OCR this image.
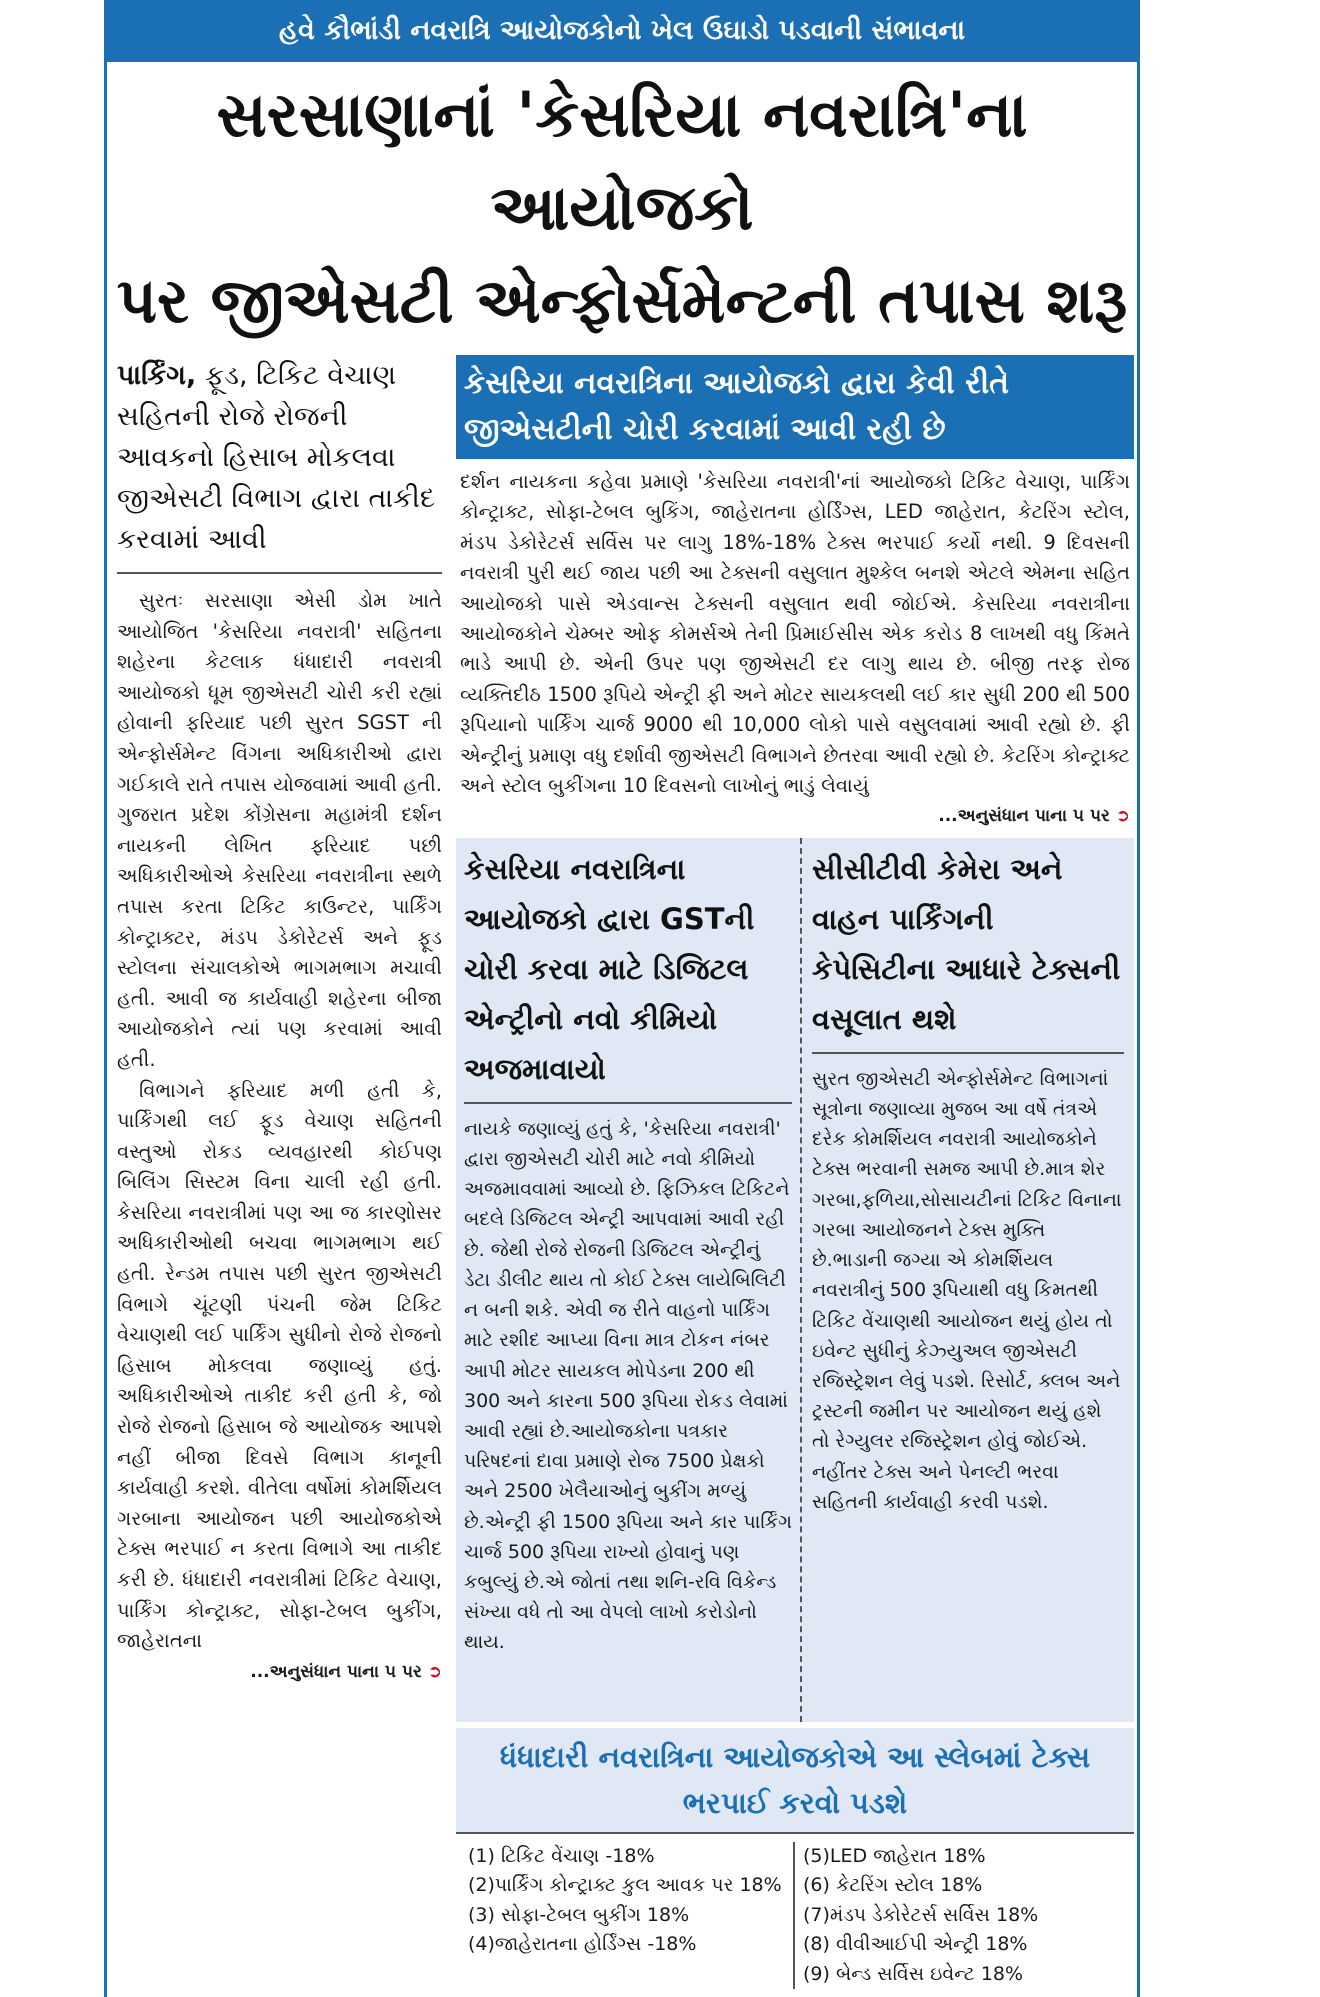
હવે કૌભાંડી નવરાત્રિ આયોજકોનો ખેલ ઉઘાડો પડવાની સંભાવના
સરસાણાનાં 'કેસરિયા નવરાત્રિ'ના આયોજકો
પર જીએસટી એન્ફોર્સમેન્ટની તપાસ શરૂ
પાર્કિંગ, ફૂડ, ટિકિટ વેચાણ સહિતની રોજે રોજની આવકનો હિસાબ મોકલવા જીએસટી વિભાગ દ્વારા તાકીદ કરવામાં આવી

સુરતઃ સરસાણા એસી ડોમ ખાતે આયોજિત 'કેસરિયા નવરાત્રી' સહિતના શહેરના કેટલાક ધંધાદારી નવરાત્રી આયોજકો ધૂમ જીએસટી ચોરી કરી રહ્યાં હોવાની ફરિયાદ પછી સુરત SGST ની એન્ફોર્સમેન્ટ વિંગના અધિકારીઓ દ્વારા ગઈકાલે રાતે તપાસ યોજવામાં આવી હતી. ગુજરાત પ્રદેશ કોંગ્રેસના મહામંત્રી દર્શન નાયકની લેખિત ફરિયાદ પછી અધિકારીઓએ કેસરિયા નવરાત્રીના સ્થળે તપાસ કરતા ટિકિટ કાઉન્ટર, પાર્કિંગ કોન્ટ્રાક્ટર, મંડપ ડેકોરેટર્સ અને ફૂડ સ્ટોલના સંચાલકોએ ભાગમભાગ મચાવી હતી. આવી જ કાર્યવાહી શહેરના બીજા આયોજકોને ત્યાં પણ કરવામાં આવી હતી.

વિભાગને ફરિયાદ મળી હતી કે, પાર્કિંગથી લઈ ફૂડ વેચાણ સહિતની વસ્તુઓ રોકડ વ્યવહારથી કોઈપણ બિલિંગ સિસ્ટમ વિના ચાલી રહી હતી. કેસરિયા નવરાત્રીમાં પણ આ જ કારણોસર અધિકારીઓથી બચવા ભાગમભાગ થઈ હતી. રેન્ડમ તપાસ પછી સુરત જીએસટી વિભાગે ચૂંટણી પંચની જેમ ટિકિટ વેચાણથી લઈ પાર્કિંગ સુધીનો રોજે રોજનો હિસાબ મોકલવા જણાવ્યું હતું. અધિકારીઓએ તાકીદ કરી હતી કે, જો રોજે રોજનો હિસાબ જે આયોજક આપશે નહીં બીજા દિવસે વિભાગ કાનૂની કાર્યવાહી કરશે. વીતેલા વર્ષોમાં કોમર્શિયલ ગરબાના આયોજન પછી આયોજકોએ ટેક્સ ભરપાઈ ન કરતા વિભાગે આ તાકીદ કરી છે. ધંધાદારી નવરાત્રીમાં ટિકિટ વેચાણ, પાર્કિંગ કોન્ટ્રાક્ટ, સોફા-ટેબલ બુકીંગ, જાહેરાતના

...અનુસંધાન પાના ૫ પર ➲
કેસરિયા નવરાત્રિના આયોજકો દ્વારા કેવી રીતે જીએસટીની ચોરી કરવામાં આવી રહી છે
દર્શન નાયકના કહેવા પ્રમાણે 'કેસરિયા નવરાત્રી'નાં આયોજકો ટિકિટ વેચાણ, પાર્કિંગ કોન્ટ્રાક્ટ, સોફા-ટેબલ બુકિંગ, જાહેરાતના હોર્ડિંગ્સ, LED જાહેરાત, કેટરિંગ સ્ટોલ, મંડપ ડેકોરેટર્સ સર્વિસ પર લાગુ 18%-18% ટેક્સ ભરપાઈ કર્યો નથી. 9 દિવસની નવરાત્રી પુરી થઈ જાય પછી આ ટેક્સની વસુલાત મુશ્કેલ બનશે એટલે એમના સહિત આયોજકો પાસે એડવાન્સ ટેક્સની વસુલાત થવી જોઈએ. કેસરિયા નવરાત્રીના આયોજકોને ચેમ્બર ઓફ કોમર્સએ તેની પ્રિમાઈસીસ એક કરોડ 8 લાખથી વધુ કિંમતે ભાડે આપી છે. એની ઉપર પણ જીએસટી દર લાગુ થાય છે. બીજી તરફ રોજ વ્યક્તિદીઠ 1500 રૂપિયે એન્ટ્રી ફી અને મોટર સાયકલથી લઈ કાર સુધી 200 થી 500 રૂપિયાનો પાર્કિંગ ચાર્જ 9000 થી 10,000 લોકો પાસે વસુલવામાં આવી રહ્યો છે. ફી એન્ટ્રીનું પ્રમાણ વધુ દર્શાવી જીએસટી વિભાગને છેતરવા આવી રહ્યો છે. કેટરિંગ કોન્ટ્રાક્ટ અને સ્ટોલ બુકીંગના 10 દિવસનો લાખોનું ભાડું લેવાયું
...અનુસંધાન પાના ૫ પર ➲
કેસરિયા નવરાત્રિના આયોજકો દ્વારા GSTની ચોરી કરવા માટે ડિજિટલ એન્ટ્રીનો નવો કીમિયો અજમાવાયો
નાયકે જણાવ્યું હતું કે, 'કેસરિયા નવરાત્રી' દ્વારા જીએસટી ચોરી માટે નવો કીમિયો અજમાવવામાં આવ્યો છે. ફિઝિકલ ટિકિટને બદલે ડિજિટલ એન્ટ્રી આપવામાં આવી રહી છે. જેથી રોજે રોજની ડિજિટલ એન્ટ્રીનું ડેટા ડીલીટ થાય તો કોઈ ટેક્સ લાયેબિલિટી ન બની શકે. એવી જ રીતે વાહનો પાર્કિંગ માટે રશીદ આપ્યા વિના માત્ર ટોકન નંબર આપી મોટર સાયકલ મોપેડના 200 થી 300 અને કારના 500 રૂપિયા રોકડ લેવામાં આવી રહ્યાં છે.આયોજકોના પત્રકાર પરિષદનાં દાવા પ્રમાણે રોજ 7500 પ્રેક્ષકો અને 2500 ખેલૈયાઓનું બુકીંગ મળ્યું છે.એન્ટ્રી ફી 1500 રૂપિયા અને કાર પાર્કિંગ ચાર્જ 500 રૂપિયા રાખ્યો હોવાનું પણ કબુલ્યું છે.એ જોતાં તથા શનિ-રવિ વિકેન્ડ સંખ્યા વધે તો આ વેપલો લાખો કરોડોનો થાય.
સીસીટીવી કેમેરા અને વાહન પાર્કિંગની કેપેસિટીના આધારે ટેક્સની વસૂલાત થશે
સુરત જીએસટી એન્ફોર્સમેન્ટ વિભાગનાં સૂત્રોના જણાવ્યા મુજબ આ વર્ષે તંત્રએ દરેક કોમર્શિયલ નવરાત્રી આયોજકોને ટેક્સ ભરવાની સમજ આપી છે.માત્ર શેર ગરબા,ફળિયા,સોસાયટીનાં ટિકિટ વિનાના ગરબા આયોજનને ટેક્સ મુક્તિ છે.ભાડાની જગ્યા એ કોમર્શિયલ નવરાત્રીનું 500 રૂપિયાથી વધુ કિમતથી ટિકિટ વેંચાણથી આયોજન થયું હોય તો ઇવેન્ટ સુધીનું કેઝ્યુઅલ જીએસટી રજિસ્ટ્રેશન લેવું પડશે. રિસોર્ટ, ક્લબ અને ટ્રસ્ટની જમીન પર આયોજન થયું હશે તો રેગ્યુલર રજિસ્ટ્રેશન હોવું જોઈએ. નહીંતર ટેક્સ અને પેનલ્ટી ભરવા સહિતની કાર્યવાહી કરવી પડશે.
ધંધાદારી નવરાત્રિના આયોજકોએ આ સ્લેબમાં ટેક્સ ભરપાઈ કરવો પડશે
(1) ટિકિટ વેંચાણ -18%
(2)પાર્કિંગ કોન્ટ્રાક્ટ કુલ આવક પર 18%
(3) સોફા-ટેબલ બુકીંગ 18%
(4)જાહેરાતના હોર્ડિંગ્સ -18%
(5)LED જાહેરાત 18%
(6) કેટરિંગ સ્ટોલ 18%
(7)મંડપ ડેકોરેટર્સ સર્વિસ 18%
(8) વીવીઆઈપી એન્ટ્રી 18%
(9) બેન્ડ સર્વિસ ઇવેન્ટ 18%
